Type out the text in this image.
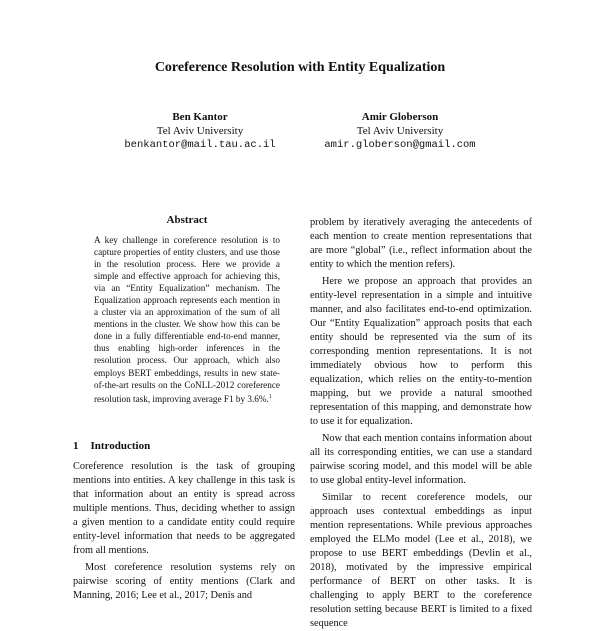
Coreference Resolution with Entity Equalization
Ben Kantor
Tel Aviv University
benkantor@mail.tau.ac.il
Amir Globerson
Tel Aviv University
amir.globerson@gmail.com
Abstract
A key challenge in coreference resolution is to capture properties of entity clusters, and use those in the resolution process. Here we provide a simple and effective approach for achieving this, via an “Entity Equalization” mechanism. The Equalization approach represents each mention in a cluster via an approximation of the sum of all mentions in the cluster. We show how this can be done in a fully differentiable end-to-end manner, thus enabling high-order inferences in the resolution process. Our approach, which also employs BERT embeddings, results in new state-of-the-art results on the CoNLL-2012 coreference resolution task, improving average F1 by 3.6%.$^1$
1 Introduction

Coreference resolution is the task of grouping mentions into entities. A key challenge in this task is that information about an entity is spread across multiple mentions. Thus, deciding whether to assign a given mention to a candidate entity could require entity-level information that needs to be aggregated from all mentions.

Most coreference resolution systems rely on pairwise scoring of entity mentions (Clark and Manning, 2016; Lee et al., 2017; Denis and

problem by iteratively averaging the antecedents of each mention to create mention representations that are more “global” (i.e., reflect information about the entity to which the mention refers).

Here we propose an approach that provides an entity-level representation in a simple and intuitive manner, and also facilitates end-to-end optimization. Our “Entity Equalization” approach posits that each entity should be represented via the sum of its corresponding mention representations. It is not immediately obvious how to perform this equalization, which relies on the entity-to-mention mapping, but we provide a natural smoothed representation of this mapping, and demonstrate how to use it for equalization.

Now that each mention contains information about all its corresponding entities, we can use a standard pairwise scoring model, and this model will be able to use global entity-level information.

Similar to recent coreference models, our approach uses contextual embeddings as input mention representations. While previous approaches employed the ELMo model (Lee et al., 2018), we propose to use BERT embeddings (Devlin et al., 2018), motivated by the impressive empirical performance of BERT on other tasks. It is challenging to apply BERT to the coreference resolution setting because BERT is limited to a fixed sequence
